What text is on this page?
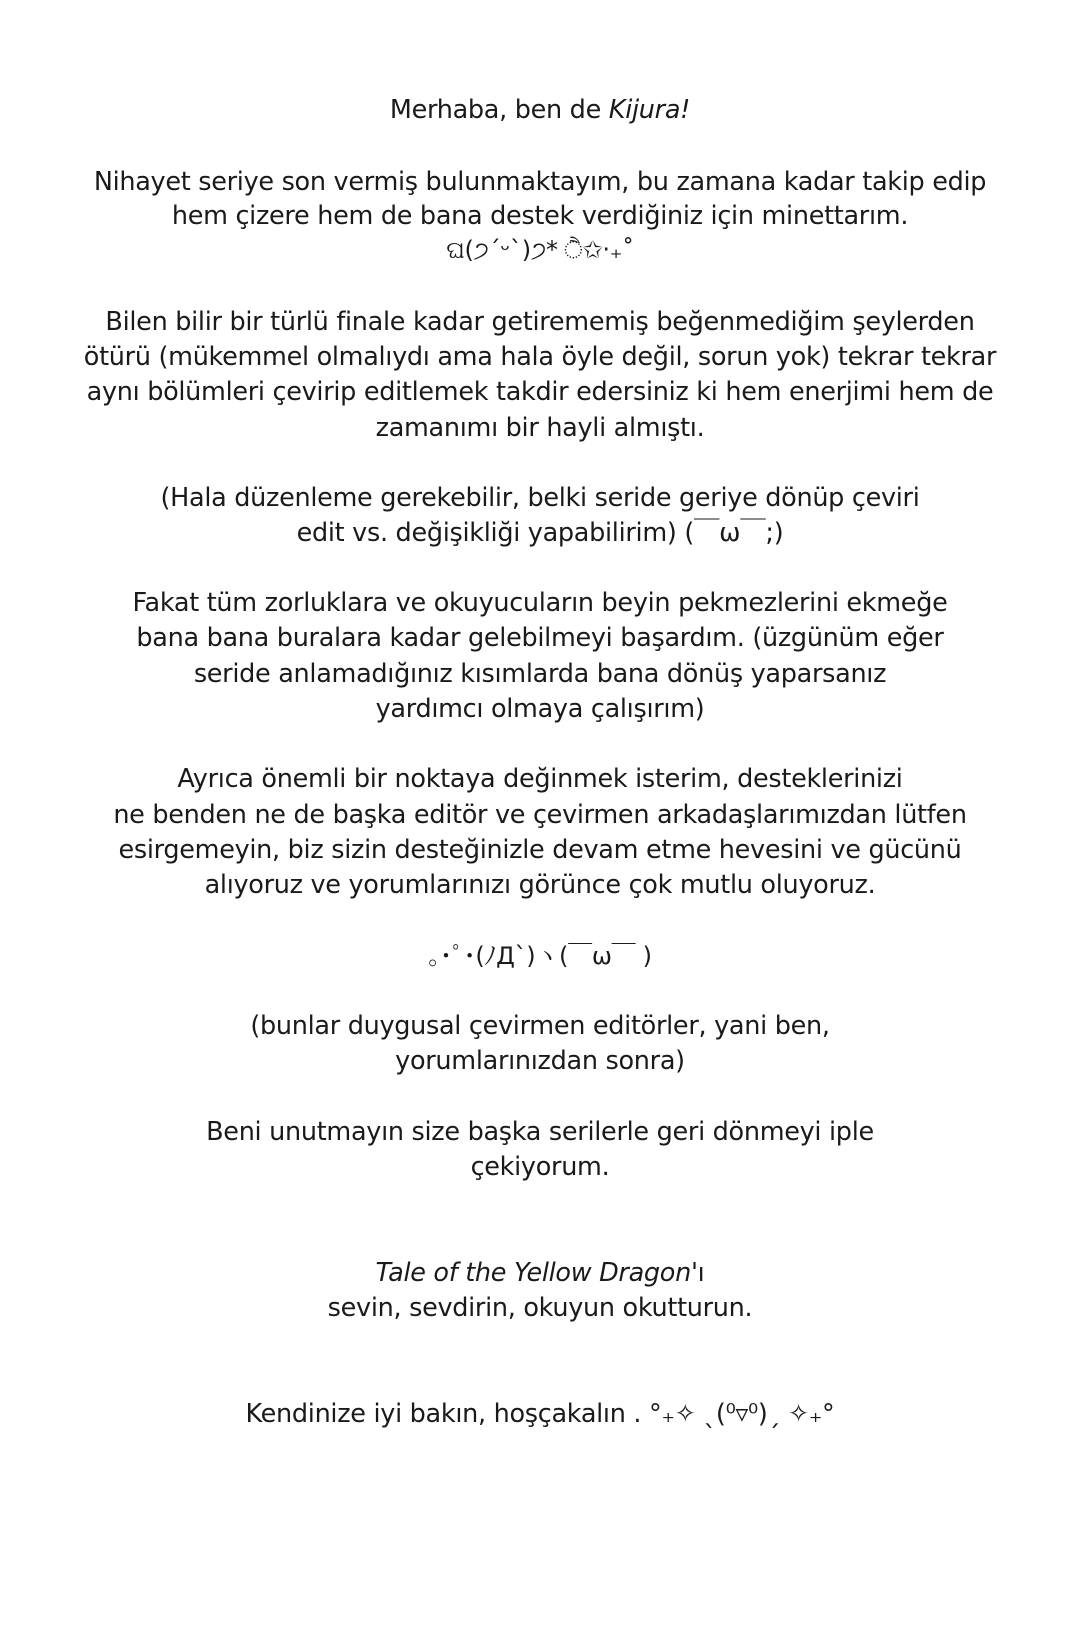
Merhaba, ben de Kijura!
Nihayet seriye son vermiş bulunmaktayım, bu zamana kadar takip edip
hem çizere hem de bana destek verdiğiniz için minettarım.
ଘ(੭ˊᵕˋ)੭* ੈ✩‧₊˚
Bilen bilir bir türlü finale kadar getirememiş beğenmediğim şeylerden
ötürü (mükemmel olmalıydı ama hala öyle değil, sorun yok) tekrar tekrar
aynı bölümleri çevirip editlemek takdir edersiniz ki hem enerjimi hem de
zamanımı bir hayli almıştı.
(Hala düzenleme gerekebilir, belki seride geriye dönüp çeviri
edit vs. değişikliği yapabilirim) (￣ω￣;)
Fakat tüm zorluklara ve okuyucuların beyin pekmezlerini ekmeğe
bana bana buralara kadar gelebilmeyi başardım. (üzgünüm eğer
seride anlamadığınız kısımlarda bana dönüş yaparsanız
yardımcı olmaya çalışırım)
Ayrıca önemli bir noktaya değinmek isterim, desteklerinizi
ne benden ne de başka editör ve çevirmen arkadaşlarımızdan lütfen
esirgemeyin, biz sizin desteğinizle devam etme hevesini ve gücünü
alıyoruz ve yorumlarınızı görünce çok mutlu oluyoruz.
｡･ﾟ･(ﾉД`)ヽ(￣ω￣ )
(bunlar duygusal çevirmen editörler, yani ben,
yorumlarınızdan sonra)
Beni unutmayın size başka serilerle geri dönmeyi iple
çekiyorum.
Tale of the Yellow Dragon'ı
sevin, sevdirin, okuyun okutturun.
Kendinize iyi bakın, hoşçakalın . °₊✧ ˎ(⁰▿⁰)ˏ ✧₊°
